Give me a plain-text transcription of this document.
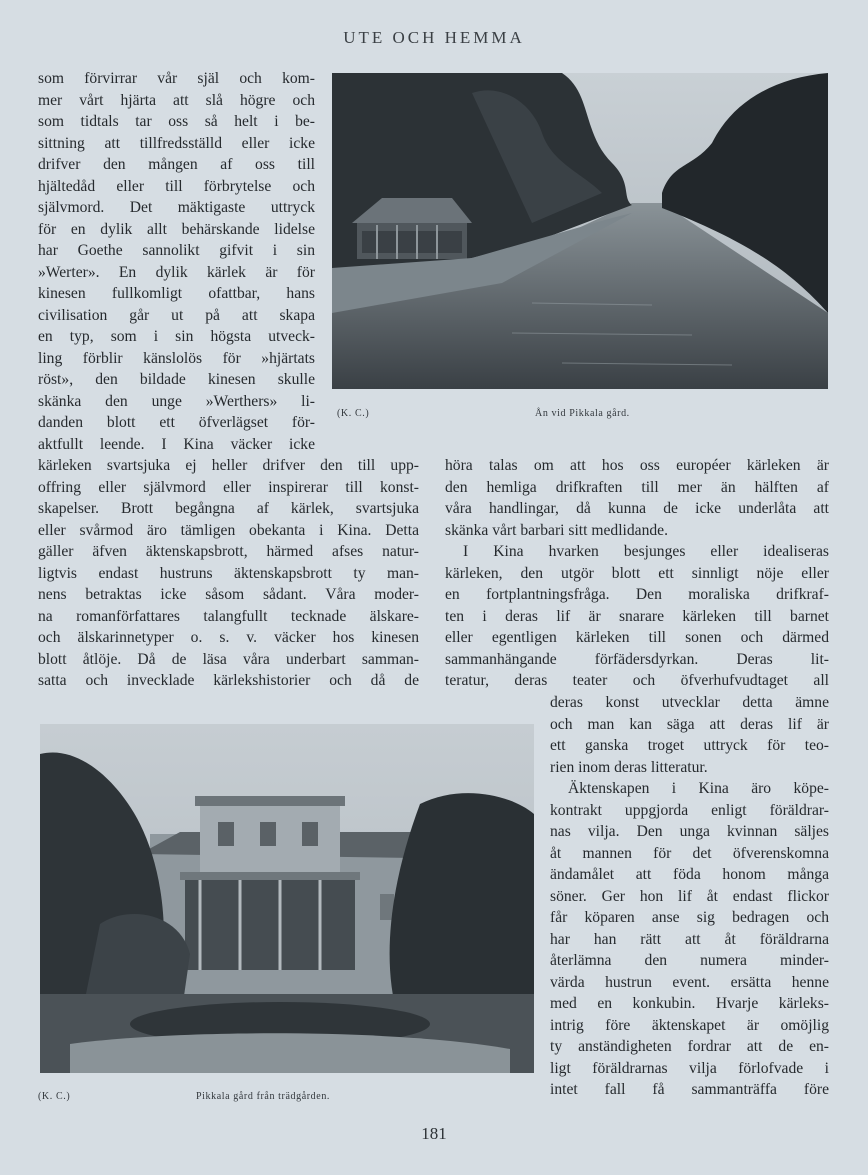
UTE OCH HEMMA
som förvirrar vår själ och kom-
mer vårt hjärta att slå högre och
som tidtals tar oss så helt i be-
sittning att tillfredsställd eller icke
drifver den mången af oss till
hjältedåd eller till förbrytelse och
självmord. Det mäktigaste uttryck
för en dylik allt behärskande lidelse
har Goethe sannolikt gifvit i sin
»Werter». En dylik kärlek är för
kinesen fullkomligt ofattbar, hans
civilisation går ut på att skapa
en typ, som i sin högsta utveck-
ling förblir känslolös för »hjärtats
röst», den bildade kinesen skulle
skänka den unge »Werthers» li-
danden blott ett öfverlägset för-
aktfullt leende. I Kina väcker icke
kärleken svartsjuka ej heller drifver den till upp-
offring eller självmord eller inspirerar till konst-
skapelser. Brott begångna af kärlek, svartsjuka
eller svårmod äro tämligen obekanta i Kina. Detta
gäller äfven äktenskapsbrott, härmed afses natur-
ligtvis endast hustruns äktenskapsbrott ty man-
nens betraktas icke såsom sådant. Våra moder-
na romanförfattares talangfullt tecknade älskare-
och älskarinnetyper o. s. v. väcker hos kinesen
blott åtlöje. Då de läsa våra underbart samman-
satta och invecklade kärlekshistorier och då de
höra talas om att hos oss européer kärleken är
den hemliga drifkraften till mer än hälften af
våra handlingar, då kunna de icke underlåta att
skänka vårt barbari sitt medlidande.
I Kina hvarken besjunges eller idealiseras
kärleken, den utgör blott ett sinnligt nöje eller
en fortplantningsfråga. Den moraliska drifkraf-
ten i deras lif är snarare kärleken till barnet
eller egentligen kärleken till sonen och därmed
sammanhängande förfädersdyrkan. Deras lit-
teratur, deras teater och öfverhufvudtaget all
deras konst utvecklar detta ämne
och man kan säga att deras lif är
ett ganska troget uttryck för teo-
rien inom deras litteratur.
Äktenskapen i Kina äro köpe-
kontrakt uppgjorda enligt föräldrar-
nas vilja. Den unga kvinnan säljes
åt mannen för det öfverenskomna
ändamålet att föda honom många
söner. Ger hon lif åt endast flickor
får köparen anse sig bedragen och
har han rätt att åt föräldrarna
återlämna den numera minder-
värda hustrun event. ersätta henne
med en konkubin. Hvarje kärleks-
intrig före äktenskapet är omöjlig
ty anständigheten fordrar att de en-
ligt föräldrarnas vilja förlofvade i
intet fall få sammanträffa före
(K. C.)	Ån vid Pikkala gård.
(K. C.)	Pikkala gård från trädgården.
181
